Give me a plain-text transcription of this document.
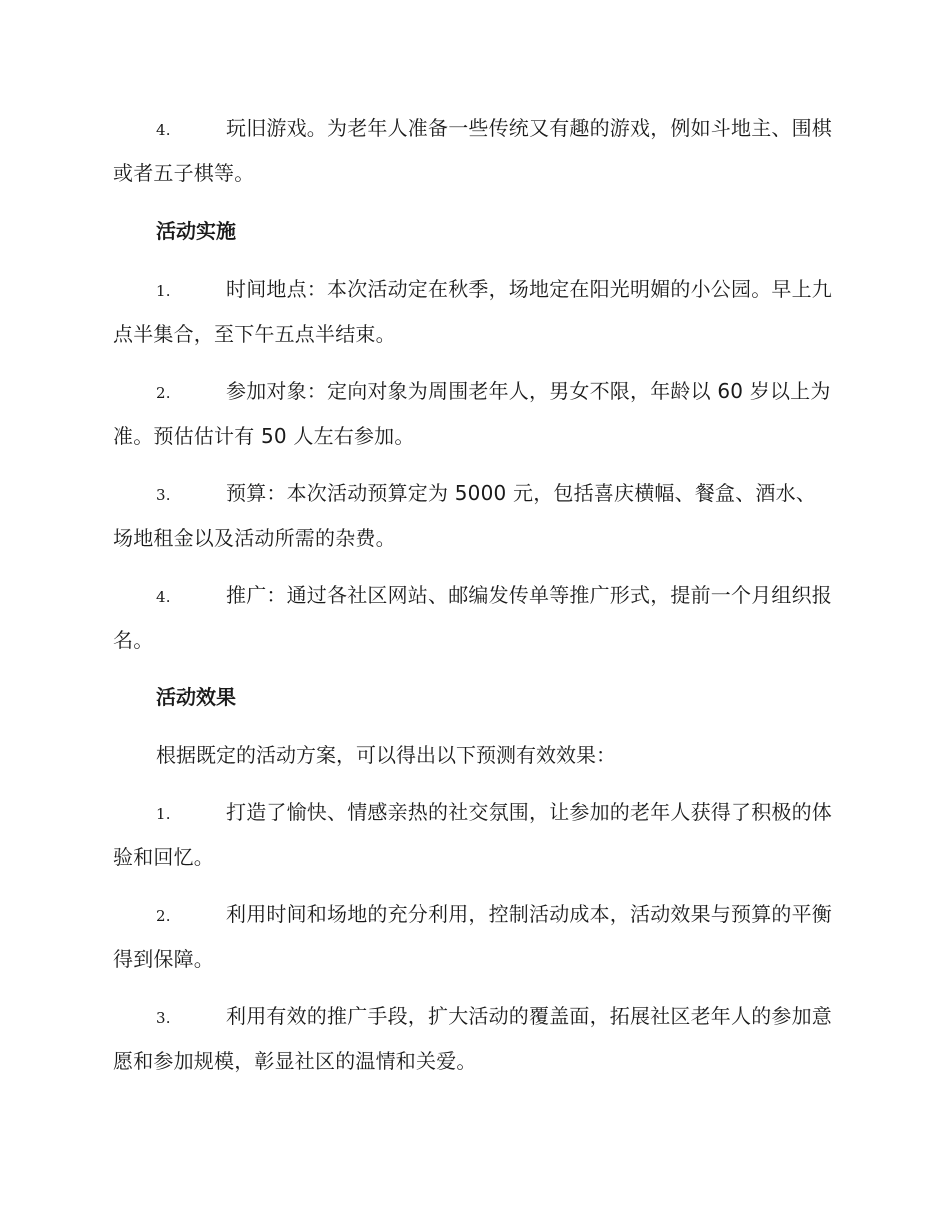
4.	玩旧游戏。为老年人准备一些传统又有趣的游戏，例如斗地主、围棋或者五子棋等。

活动实施

1.	时间地点：本次活动定在秋季，场地定在阳光明媚的小公园。早上九点半集合，至下午五点半结束。

2.	参加对象：定向对象为周围老年人，男女不限，年龄以 60 岁以上为准。预估估计有 50 人左右参加。

3.	预算：本次活动预算定为 5000 元，包括喜庆横幅、餐盒、酒水、场地租金以及活动所需的杂费。

4.	推广：通过各社区网站、邮编发传单等推广形式，提前一个月组织报名。

活动效果

根据既定的活动方案，可以得出以下预测有效效果：

1.	打造了愉快、情感亲热的社交氛围，让参加的老年人获得了积极的体验和回忆。

2.	利用时间和场地的充分利用，控制活动成本，活动效果与预算的平衡得到保障。

3.	利用有效的推广手段，扩大活动的覆盖面，拓展社区老年人的参加意愿和参加规模，彰显社区的温情和关爱。
